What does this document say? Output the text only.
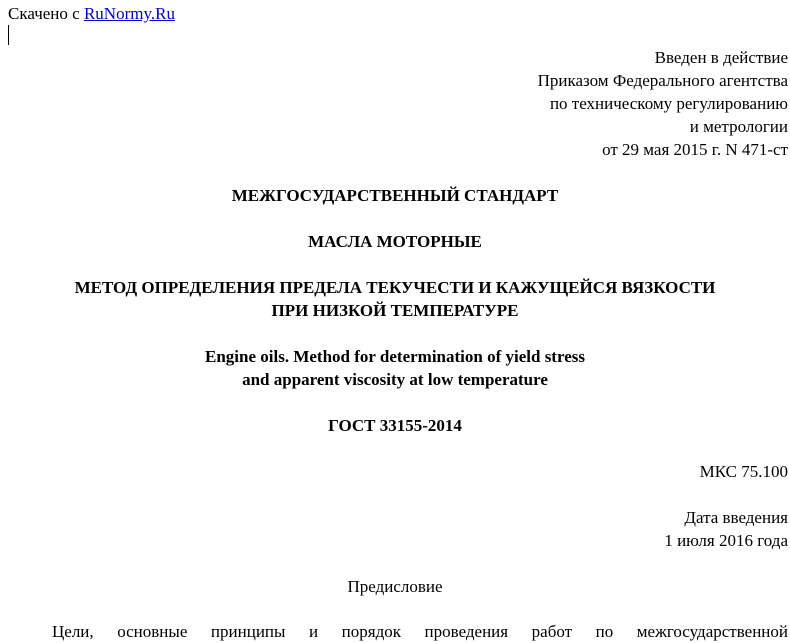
Скачено с RuNormy.Ru
Введен в действие
Приказом Федерального агентства
по техническому регулированию
и метрологии
от 29 мая 2015 г. N 471-ст
МЕЖГОСУДАРСТВЕННЫЙ СТАНДАРТ
МАСЛА МОТОРНЫЕ
МЕТОД ОПРЕДЕЛЕНИЯ ПРЕДЕЛА ТЕКУЧЕСТИ И КАЖУЩЕЙСЯ ВЯЗКОСТИ
ПРИ НИЗКОЙ ТЕМПЕРАТУРЕ
Engine oils. Method for determination of yield stress
and apparent viscosity at low temperature
ГОСТ 33155-2014
МКС 75.100
Дата введения
1 июля 2016 года
Предисловие
Цели, основные принципы и порядок проведения работ по межгосударственной
